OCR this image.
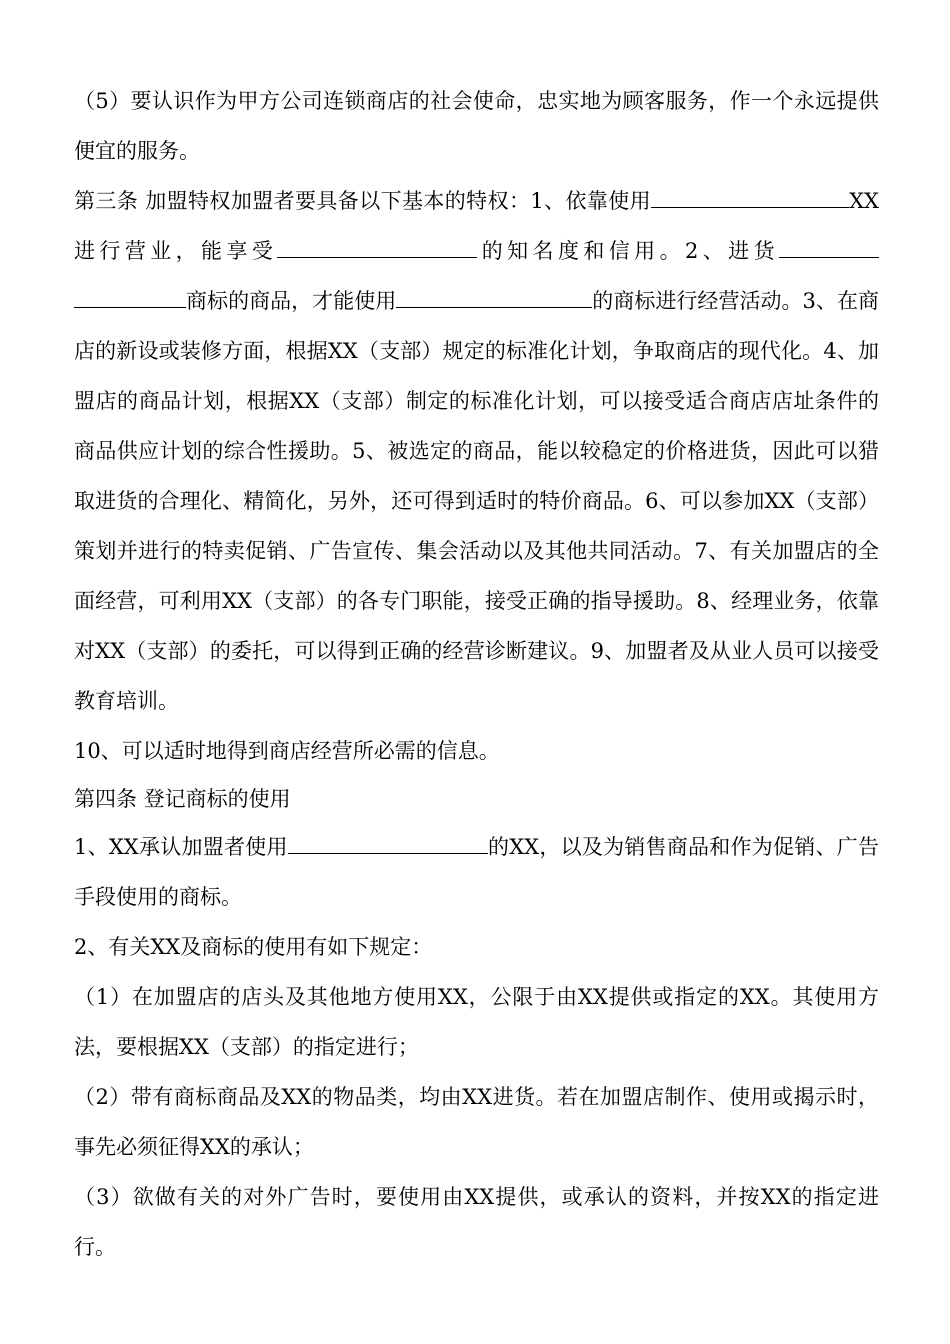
（5）要认识作为甲方公司连锁商店的社会使命，忠实地为顾客服务，作一个永远提供便宜的服务。

第三条 加盟特权加盟者要具备以下基本的特权：1、依靠使用	XX进行营业，能享受	的知名度和信用。2、进货商标的商品，才能使用	的商标进行经营活动。3、在商店的新设或装修方面，根据XX（支部）规定的标准化计划，争取商店的现代化。4、加盟店的商品计划，根据XX（支部）制定的标准化计划，可以接受适合商店店址条件的商品供应计划的综合性援助。5、被选定的商品，能以较稳定的价格进货，因此可以猎取进货的合理化、精简化，另外，还可得到适时的特价商品。6、可以参加XX（支部）策划并进行的特卖促销、广告宣传、集会活动以及其他共同活动。7、有关加盟店的全面经营，可利用XX（支部）的各专门职能，接受正确的指导援助。8、经理业务，依靠对XX（支部）的委托，可以得到正确的经营诊断建议。9、加盟者及从业人员可以接受教育培训。

10、可以适时地得到商店经营所必需的信息。

第四条 登记商标的使用

1、XX承认加盟者使用	的XX，以及为销售商品和作为促销、广告手段使用的商标。

2、有关XX及商标的使用有如下规定：

（1）在加盟店的店头及其他地方使用XX，公限于由XX提供或指定的XX。其使用方法，要根据XX（支部）的指定进行；

（2）带有商标商品及XX的物品类，均由XX进货。若在加盟店制作、使用或揭示时，事先必须征得XX的承认；

（3）欲做有关的对外广告时，要使用由XX提供，或承认的资料，并按XX的指定进行。
